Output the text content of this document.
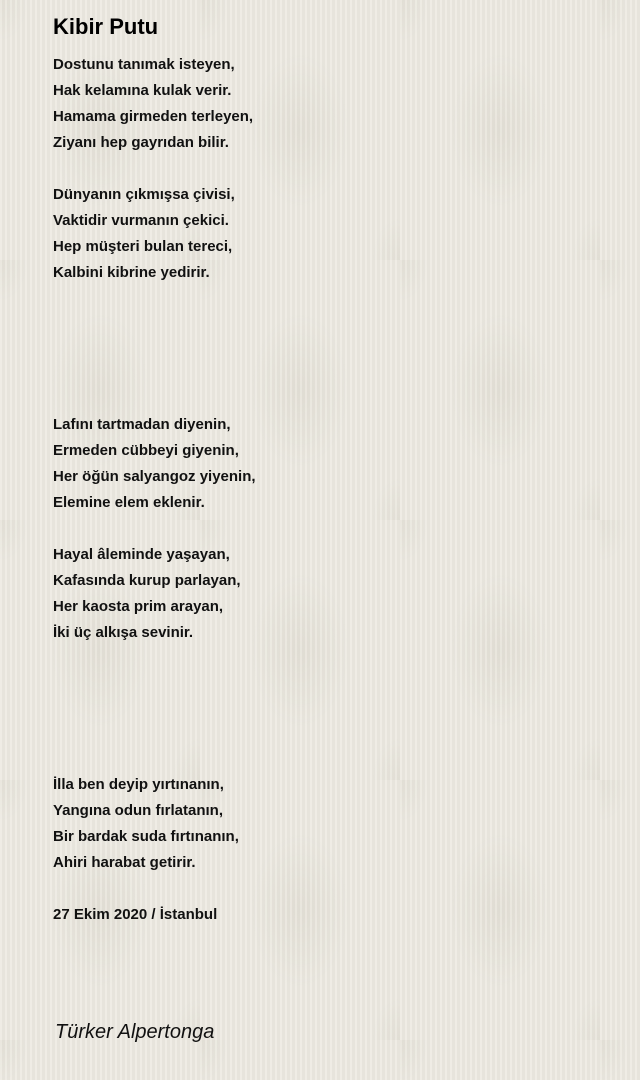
Kibir Putu
Dostunu tanımak isteyen,
Hak kelamına kulak verir.
Hamama girmeden terleyen,
Ziyanı hep gayrıdan bilir.
Dünyanın çıkmışsa çivisi,
Vaktidir vurmanın çekici.
Hep müşteri bulan tereci,
Kalbini kibrine yedirir.
Lafını tartmadan diyenin,
Ermeden cübbeyi giyenin,
Her öğün salyangoz yiyenin,
Elemine elem eklenir.
Hayal âleminde yaşayan,
Kafasında kurup parlayan,
Her kaosta prim arayan,
İki üç alkışa sevinir.
İlla ben deyip yırtınanın,
Yangına odun fırlatanın,
Bir bardak suda fırtınanın,
Ahiri harabat getirir.
27 Ekim 2020 / İstanbul
Türker Alpertonga
